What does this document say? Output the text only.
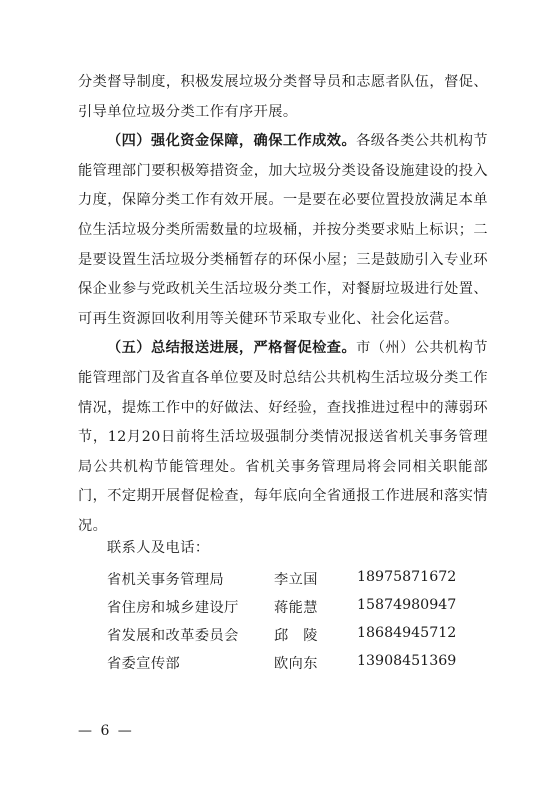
分类督导制度，积极发展垃圾分类督导员和志愿者队伍，督促、引导单位垃圾分类工作有序开展。

（四）强化资金保障，确保工作成效。各级各类公共机构节能管理部门要积极筹措资金，加大垃圾分类设备设施建设的投入力度，保障分类工作有效开展。一是要在必要位置投放满足本单位生活垃圾分类所需数量的垃圾桶，并按分类要求贴上标识；二是要设置生活垃圾分类桶暂存的环保小屋；三是鼓励引入专业环保企业参与党政机关生活垃圾分类工作，对餐厨垃圾进行处置、可再生资源回收利用等关健环节采取专业化、社会化运营。

（五）总结报送进展，严格督促检查。市（州）公共机构节能管理部门及省直各单位要及时总结公共机构生活垃圾分类工作情况，提炼工作中的好做法、好经验，查找推进过程中的薄弱环节，12月20日前将生活垃圾强制分类情况报送省机关事务管理局公共机构节能管理处。省机关事务管理局将会同相关职能部门，不定期开展督促检查，每年底向全省通报工作进展和落实情况。

联系人及电话：
省机关事务管理局	李立国	18975871672
省住房和城乡建设厅 蒋能慧	15874980947
省发展和改革委员会 邱　陵	18684945712
省委宣传部	欧向东	13908451369
— 6 —
